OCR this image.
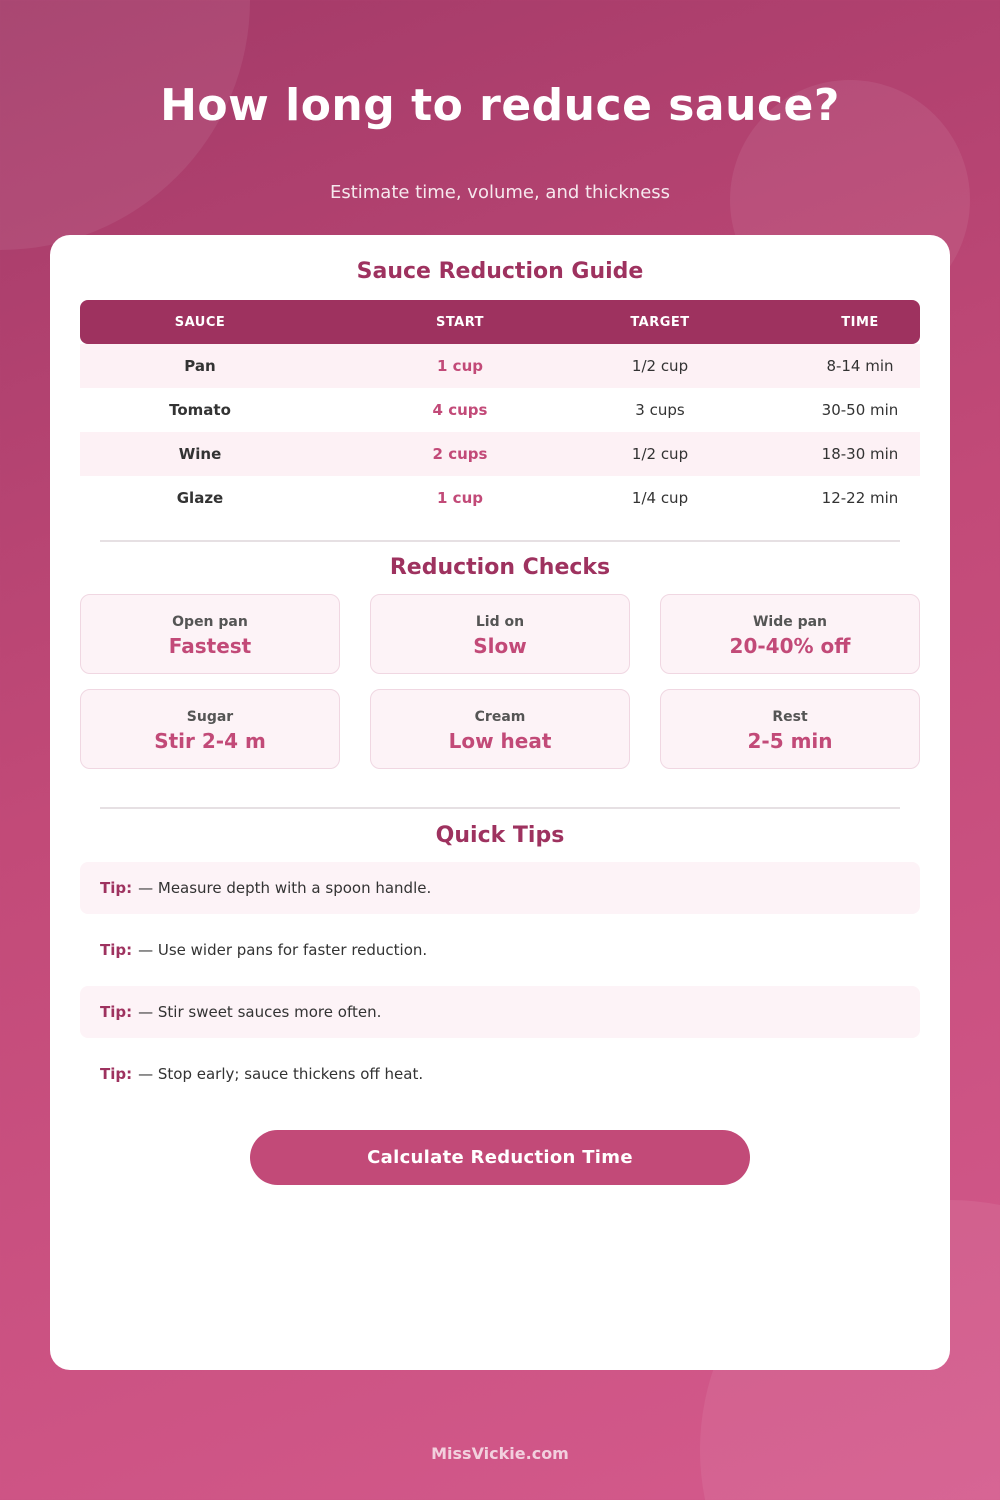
How long to reduce sauce?
Estimate time, volume, and thickness
Sauce Reduction Guide
SAUCE	START	TARGET	TIME
Pan	1 cup	1/2 cup	8-14 min
Tomato	4 cups	3 cups	30-50 min
Wine	2 cups	1/2 cup	18-30 min
Glaze	1 cup	1/4 cup	12-22 min
Reduction Checks
Open pan
Fastest
Lid on
Slow
Wide pan
20-40% off
Sugar
Stir 2-4 m
Cream
Low heat
Rest
2-5 min
Quick Tips
Tip: — Measure depth with a spoon handle.
Tip: — Use wider pans for faster reduction.
Tip: — Stir sweet sauces more often.
Tip: — Stop early; sauce thickens off heat.
Calculate Reduction Time
MissVickie.com
